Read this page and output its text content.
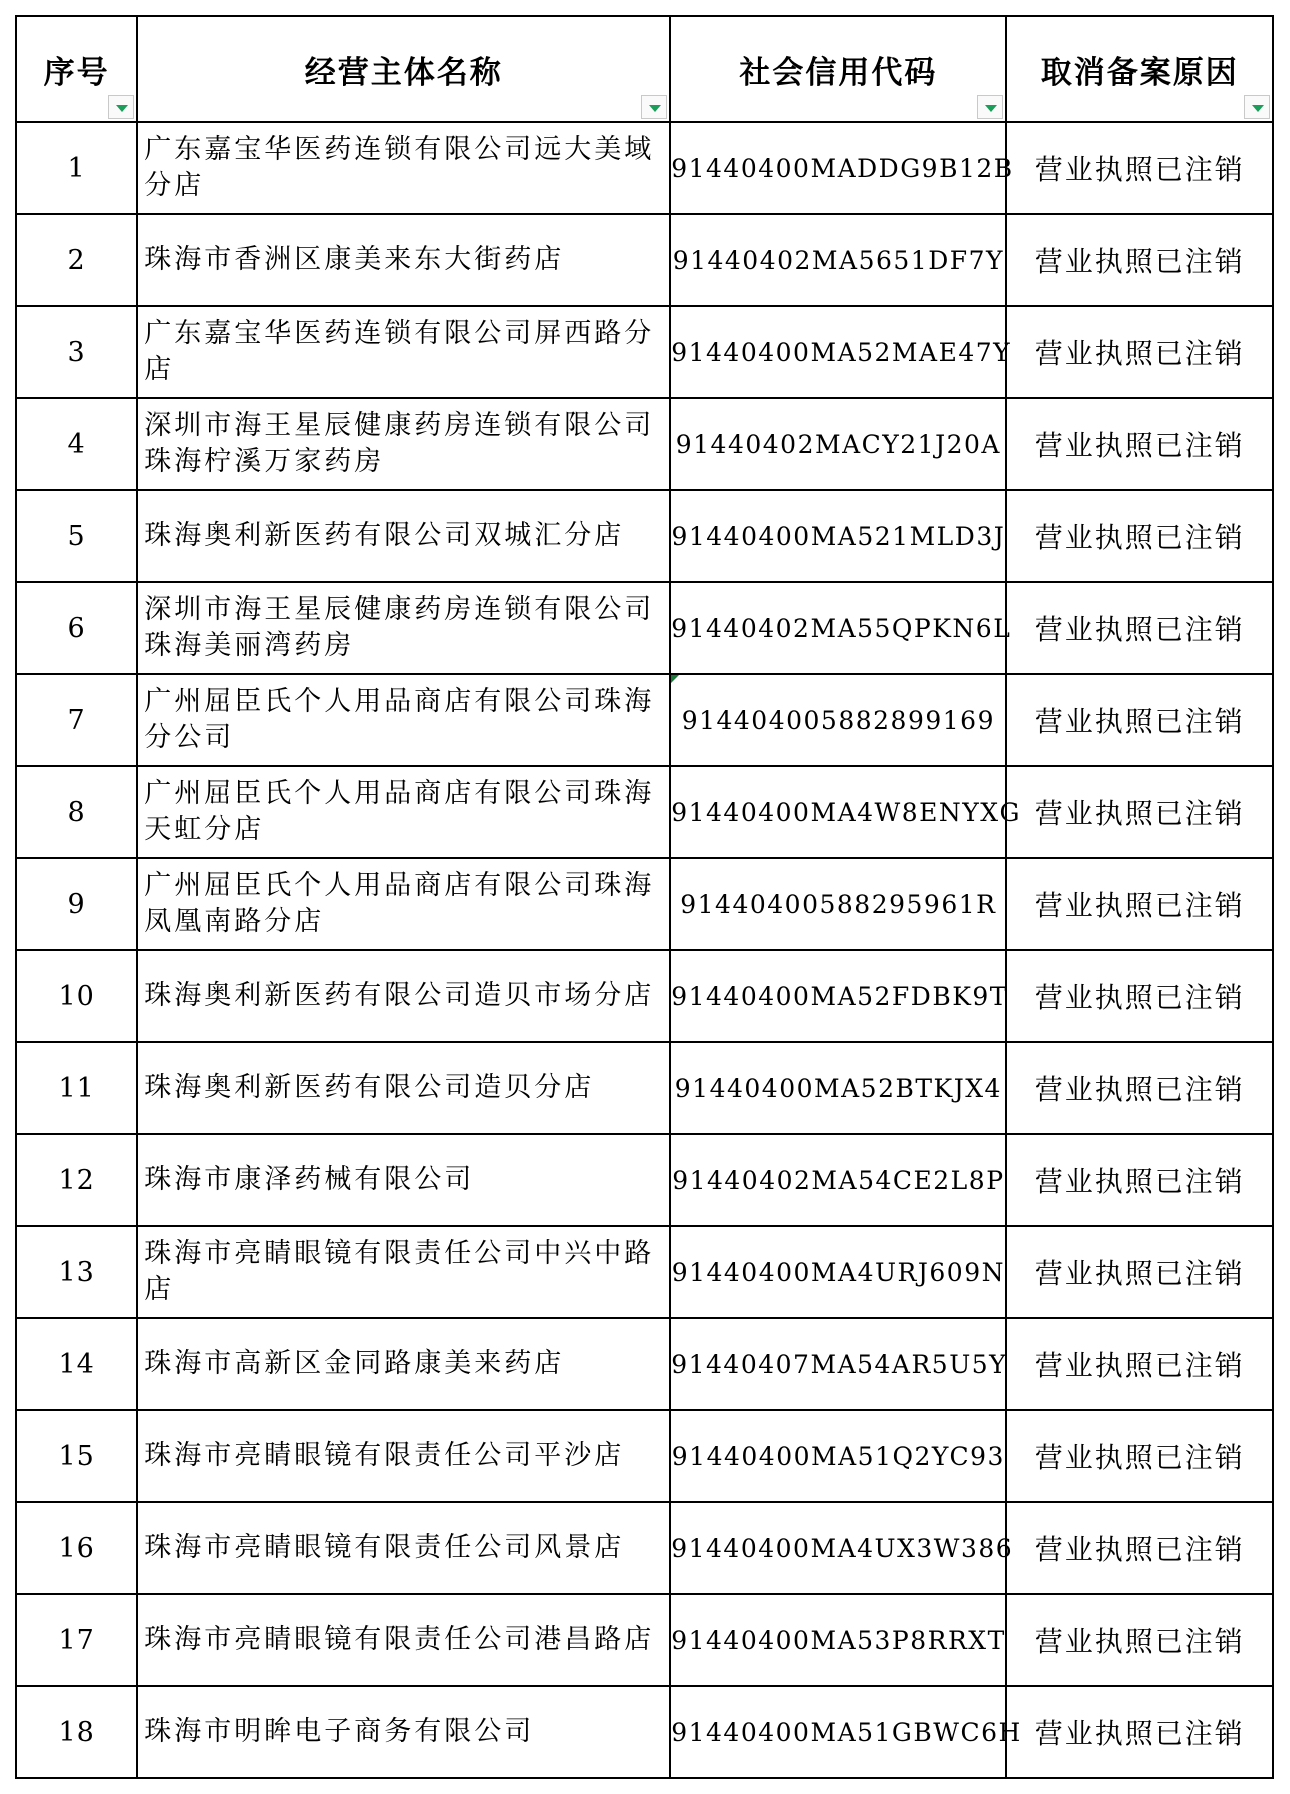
序号	经营主体名称	社会信用代码	取消备案原因

1	广东嘉宝华医药连锁有限公司远大美域分店	91440400MADDG9B12B	营业执照已注销
2	珠海市香洲区康美来东大街药店	91440402MA5651DF7Y	营业执照已注销
3	广东嘉宝华医药连锁有限公司屏西路分店	91440400MA52MAE47Y	营业执照已注销
4	深圳市海王星辰健康药房连锁有限公司珠海柠溪万家药房	91440402MACY21J20A	营业执照已注销
5	珠海奥利新医药有限公司双城汇分店	91440400MA521MLD3J	营业执照已注销
6	深圳市海王星辰健康药房连锁有限公司珠海美丽湾药房	91440402MA55QPKN6L	营业执照已注销
7	广州屈臣氏个人用品商店有限公司珠海分公司	914404005882899169	营业执照已注销
8	广州屈臣氏个人用品商店有限公司珠海天虹分店	91440400MA4W8ENYXG	营业执照已注销
9	广州屈臣氏个人用品商店有限公司珠海凤凰南路分店	91440400588295961R	营业执照已注销
10	珠海奥利新医药有限公司造贝市场分店	91440400MA52FDBK9T	营业执照已注销
11	珠海奥利新医药有限公司造贝分店	91440400MA52BTKJX4	营业执照已注销
12	珠海市康泽药械有限公司	91440402MA54CE2L8P	营业执照已注销
13	珠海市亮睛眼镜有限责任公司中兴中路店	91440400MA4URJ609N	营业执照已注销
14	珠海市高新区金同路康美来药店	91440407MA54AR5U5Y	营业执照已注销
15	珠海市亮睛眼镜有限责任公司平沙店	91440400MA51Q2YC93	营业执照已注销
16	珠海市亮睛眼镜有限责任公司风景店	91440400MA4UX3W386	营业执照已注销
17	珠海市亮睛眼镜有限责任公司港昌路店	91440400MA53P8RRXT	营业执照已注销
18	珠海市明眸电子商务有限公司	91440400MA51GBWC6H	营业执照已注销
